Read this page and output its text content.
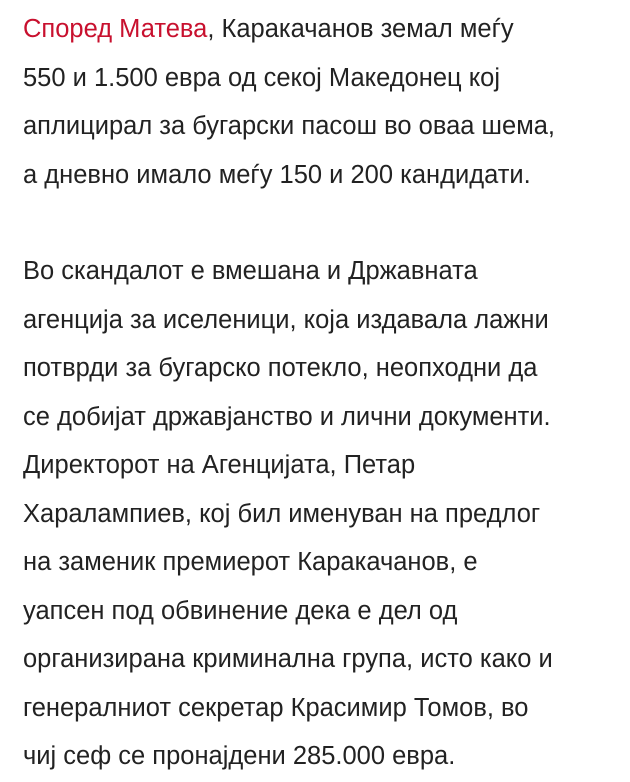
Според Матева, Каракачанов земал меѓу
550 и 1.500 евра од секој Македонец кој
аплицирал за бугарски пасош во оваа шема,
а дневно имало меѓу 150 и 200 кандидати.
Во скандалот е вмешана и Државната
агенција за иселеници, која издавала лажни
потврди за бугарско потекло, неопходни да
се добијат државјанство и лични документи.
Директорот на Агенцијата, Петар
Харалампиев, кој бил именуван на предлог
на заменик премиерот Каракачанов, е
уапсен под обвинение дека е дел од
организирана криминална група, исто како и
генералниот секретар Красимир Томов, во
чиј сеф се пронајдени 285.000 евра.
